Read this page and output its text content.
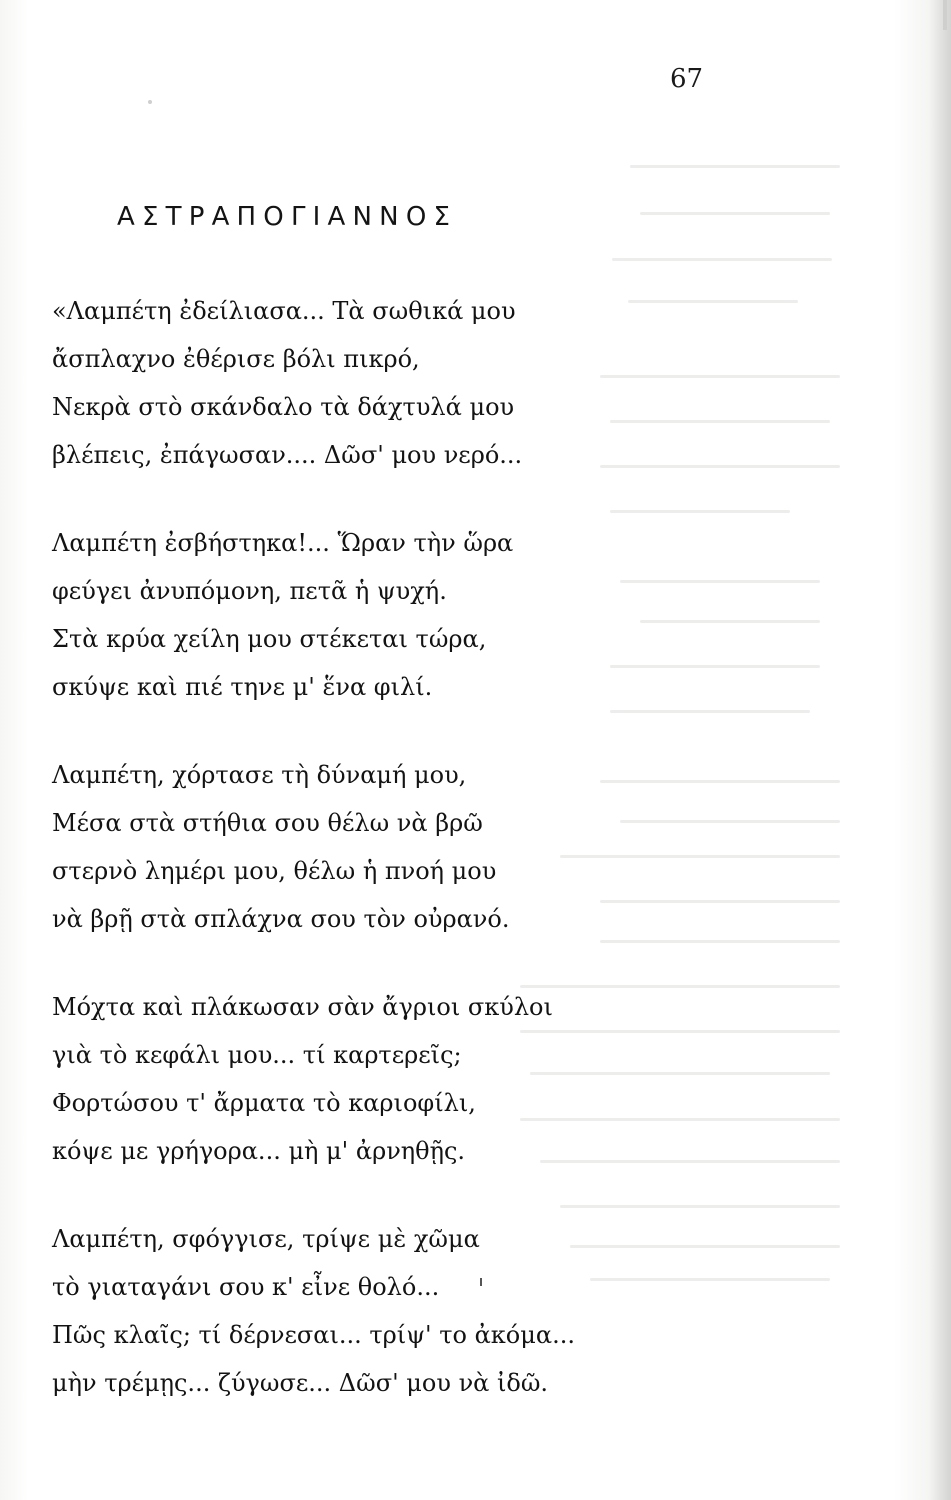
67
ΑΣΤΡΑΠΟΓΙΑΝΝΟΣ
«Λαμπέτη ἐδείλιασα... Τὰ σωθικά μου
ἄσπλαχνο ἐθέρισε βόλι πικρό,
Νεκρὰ στὸ σκάνδαλο τὰ δάχτυλά μου
βλέπεις, ἐπάγωσαν.... Δῶσ' μου νερό...
Λαμπέτη ἐσβήστηκα!... Ὥραν τὴν ὥρα
φεύγει ἀνυπόμονη, πετᾶ ἡ ψυχή.
Στὰ κρύα χείλη μου στέκεται τώρα,
σκύψε καὶ πιέ τηνε μ' ἕνα φιλί.
Λαμπέτη, χόρτασε τὴ δύναμή μου,
Μέσα στὰ στήθια σου θέλω νὰ βρῶ
στερνὸ λημέρι μου, θέλω ἡ πνοή μου
νὰ βρῇ στὰ σπλάχνα σου τὸν οὐρανό.
Μόχτα καὶ πλάκωσαν σὰν ἄγριοι σκύλοι
γιὰ τὸ κεφάλι μου... τί καρτερεῖς;
Φορτώσου τ' ἄρματα τὸ καριοφίλι,
κόψε με γρήγορα... μὴ μ' ἀρνηθῇς.
Λαμπέτη, σφόγγισε, τρίψε μὲ χῶμα
τὸ γιαταγάνι σου κ' εἶνε θολό...
Πῶς κλαῖς; τί δέρνεσαι... τρίψ' το ἀκόμα...
μὴν τρέμῃς... ζύγωσε... Δῶσ' μου νὰ ἰδῶ.
